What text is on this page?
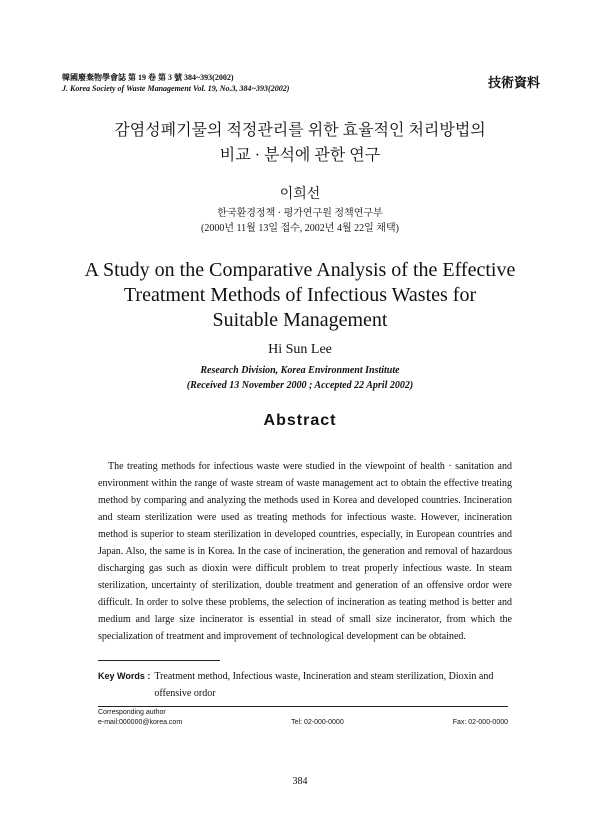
韓國廢棄物學會誌 第 19 卷 第 3 號 384~393(2002)
J. Korea Society of Waste Management Vol. 19, No.3, 384~393(2002)	技術資料
감염성폐기물의 적정관리를 위한 효율적인 처리방법의
비교 · 분석에 관한 연구
이희선
한국환경정책 · 평가연구원 정책연구부
(2000년 11월 13일 접수, 2002년 4월 22일 채택)
A Study on the Comparative Analysis of the Effective
Treatment Methods of Infectious Wastes for
Suitable Management
Hi Sun Lee
Research Division, Korea Environment Institute
(Received 13 November 2000 ; Accepted 22 April 2002)
Abstract

The treating methods for infectious waste were studied in the viewpoint of health · sanitation and environment within the range of waste stream of waste management act to obtain the effective treating method by comparing and analyzing the methods used in Korea and developed countries. Incineration and steam sterilization were used as treating methods for infectious waste. However, incineration method is superior to steam sterilization in developed countries, especially, in European countries and Japan. Also, the same is in Korea. In the case of incineration, the generation and removal of hazardous discharging gas such as dioxin were difficult problem to treat properly infectious waste. In steam sterilization, uncertainty of sterilization, double treatment and generation of an offensive ordor were difficult. In order to solve these problems, the selection of incineration as teating method is better and medium and large size incinerator is essential in stead of small size incinerator, from which the specialization of treatment and improvement of technological development can be obtained.

Key Words : Treatment method, Infectious waste, Incineration and steam sterilization, Dioxin and offensive ordor
Corresponding author
e-mail:000000@korea.com	Tel: 02-000-0000	Fax: 02-000-0000
384
